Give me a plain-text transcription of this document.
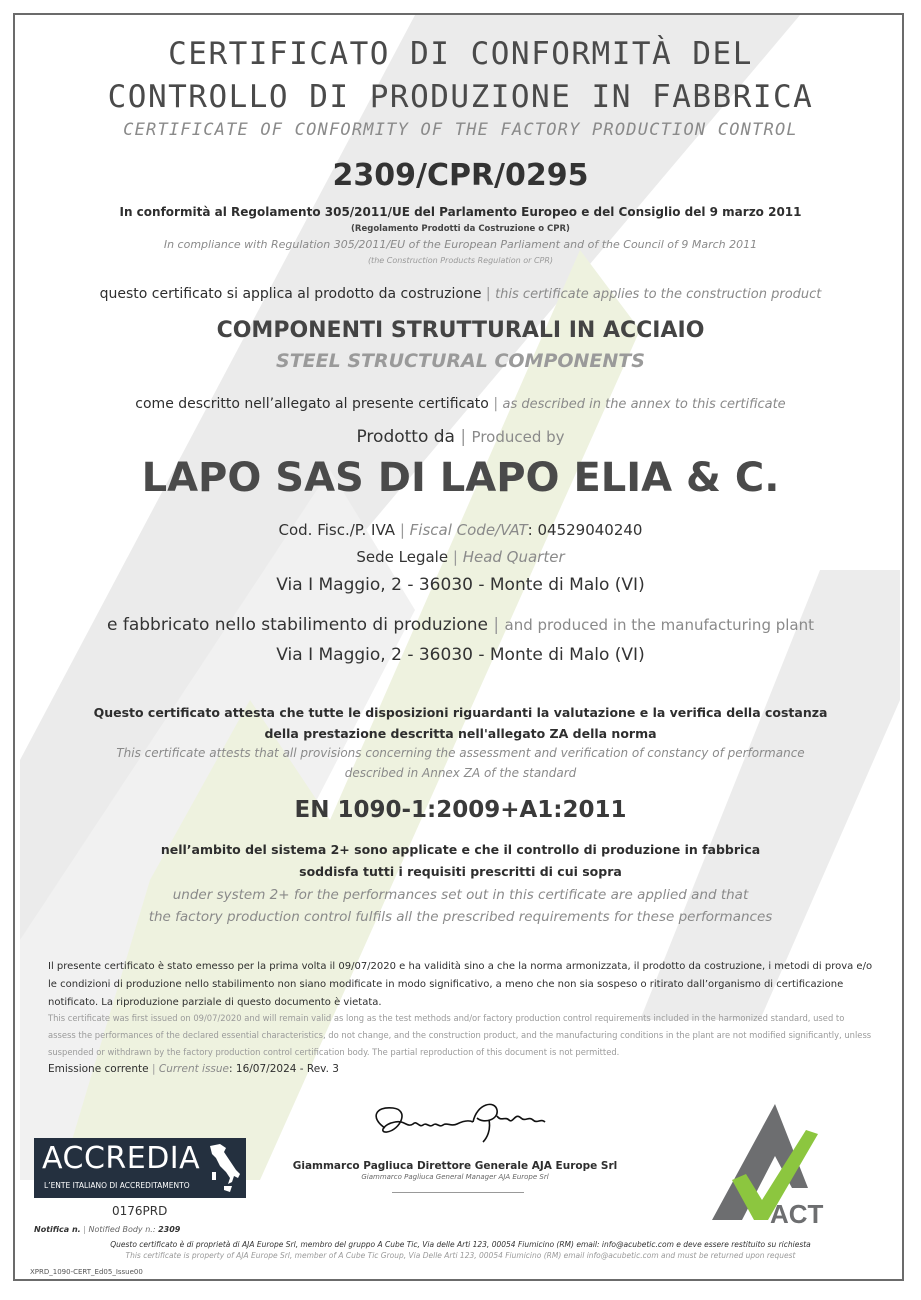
CERTIFICATO DI CONFORMITÀ DEL
CONTROLLO DI PRODUZIONE IN FABBRICA
CERTIFICATE OF CONFORMITY OF THE FACTORY PRODUCTION CONTROL
2309/CPR/0295
In conformità al Regolamento 305/2011/UE del Parlamento Europeo e del Consiglio del 9 marzo 2011
(Regolamento Prodotti da Costruzione o CPR)
In compliance with Regulation 305/2011/EU of the European Parliament and of the Council of 9 March 2011
(the Construction Products Regulation or CPR)
questo certificato si applica al prodotto da costruzione | this certificate applies to the construction product
COMPONENTI STRUTTURALI IN ACCIAIO
STEEL STRUCTURAL COMPONENTS
come descritto nell’allegato al presente certificato | as described in the annex to this certificate
Prodotto da | Produced by
LAPO SAS DI LAPO ELIA & C.
Cod. Fisc./P. IVA | Fiscal Code/VAT: 04529040240
Sede Legale | Head Quarter
Via I Maggio, 2 - 36030 - Monte di Malo (VI)
e fabbricato nello stabilimento di produzione | and produced in the manufacturing plant
Via I Maggio, 2 - 36030 - Monte di Malo (VI)
Questo certificato attesta che tutte le disposizioni riguardanti la valutazione e la verifica della costanza
della prestazione descritta nell'allegato ZA della norma
This certificate attests that all provisions concerning the assessment and verification of constancy of performance
described in Annex ZA of the standard
EN 1090-1:2009+A1:2011
nell’ambito del sistema 2+ sono applicate e che il controllo di produzione in fabbrica
soddisfa tutti i requisiti prescritti di cui sopra
under system 2+ for the performances set out in this certificate are applied and that
the factory production control fulfils all the prescribed requirements for these performances
Il presente certificato è stato emesso per la prima volta il 09/07/2020 e ha validità sino a che la norma armonizzata, il prodotto da costruzione, i metodi di prova e/o le condizioni di produzione nello stabilimento non siano modificate in modo significativo, a meno che non sia sospeso o ritirato dall’organismo di certificazione notificato. La riproduzione parziale di questo documento è vietata.
This certificate was first issued on 09/07/2020 and will remain valid as long as the test methods and/or factory production control requirements included in the harmonized standard, used to assess the performances of the declared essential characteristics, do not change, and the construction product, and the manufacturing conditions in the plant are not modified significantly, unless suspended or withdrawn by the factory production control certification body. The partial reproduction of this document is not permitted.
Emissione corrente | Current issue: 16/07/2024 - Rev. 3
Giammarco Pagliuca Direttore Generale AJA Europe Srl
Giammarco Pagliuca General Manager AJA Europe Srl
ACCREDIA
L’ENTE ITALIANO DI ACCREDITAMENTO
0176PRD
Notifica n. | Notified Body n.: 2309
ACT
Questo certificato è di proprietà di AJA Europe Srl, membro del gruppo A Cube Tic, Via delle Arti 123, 00054 Fiumicino (RM) email: info@acubetic.com e deve essere restituito su richiesta
This certificate is property of AJA Europe Srl, member of A Cube Tic Group, Via Delle Arti 123, 00054 Fiumicino (RM) email info@acubetic.com and must be returned upon request
XPRD_1090-CERT_Ed05_Issue00
